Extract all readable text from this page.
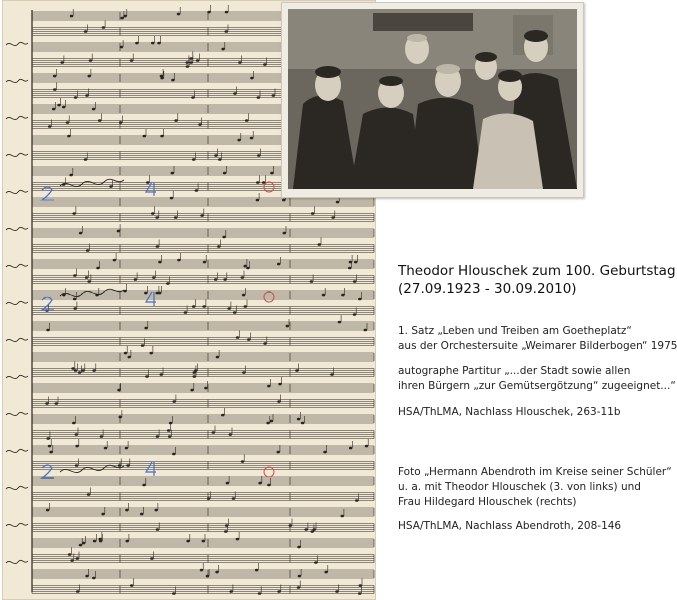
Theodor Hlouschek zum 100. Geburtstag
(27.09.1923 - 30.09.2010)
1. Satz „Leben und Treiben am Goetheplatz“
aus der Orchestersuite „Weimarer Bilderbogen“ 1975
autographe Partitur „...der Stadt sowie allen
ihren Bürgern „zur Gemütsergötzung“ zugeeignet...“
HSA/ThLMA, Nachlass Hlouschek, 263-11b
Foto „Hermann Abendroth im Kreise seiner Schüler“
u. a. mit Theodor Hlouschek (3. von links) und
Frau Hildegard Hlouschek (rechts)
HSA/ThLMA, Nachlass Abendroth, 208-146
